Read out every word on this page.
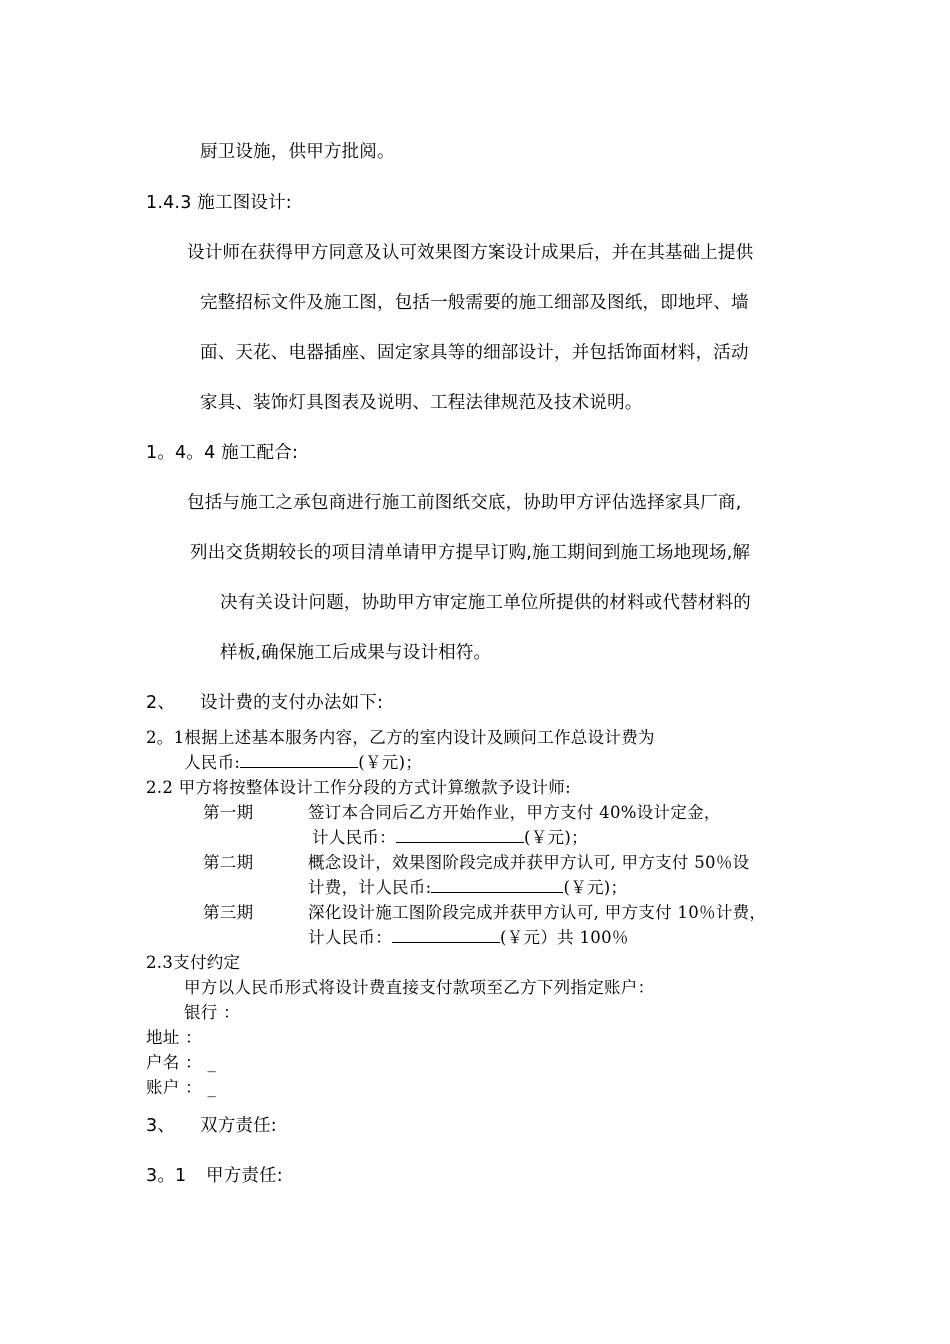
厨卫设施，供甲方批阅。
1.4.3 施工图设计:
设计师在获得甲方同意及认可效果图方案设计成果后，并在其基础上提供
完整招标文件及施工图，包括一般需要的施工细部及图纸，即地坪、墙
面、天花、电器插座、固定家具等的细部设计，并包括饰面材料，活动
家具、装饰灯具图表及说明、工程法律规范及技术说明。
1。4。4 施工配合:
包括与施工之承包商进行施工前图纸交底，协助甲方评估选择家具厂商,
列出交货期较长的项目清单请甲方提早订购,施工期间到施工场地现场,解
决有关设计问题，协助甲方审定施工单位所提供的材料或代替材料的
样板,确保施工后成果与设计相符。
2、 设计费的支付办法如下:
2。1根据上述基本服务内容，乙方的室内设计及顾问工作总设计费为
人民币:	(￥元)；
2.2 甲方将按整体设计工作分段的方式计算缴款予设计师:
第一期	签订本合同后乙方开始作业，甲方支付 40%设计定金，
计人民币：	(￥元)；
第二期	概念设计，效果图阶段完成并获甲方认可, 甲方支付 50％设
计费，计人民币:	(￥元)；
第三期	深化设计施工图阶段完成并获甲方认可, 甲方支付 10％计费，
计人民币：	(￥元）共 100％
2.3支付约定
甲方以人民币形式将设计费直接支付款项至乙方下列指定账户：
银行 ：
地址 ：
户名 ： _
账户 ： _
3、 双方责任:
3。1 甲方责任:
